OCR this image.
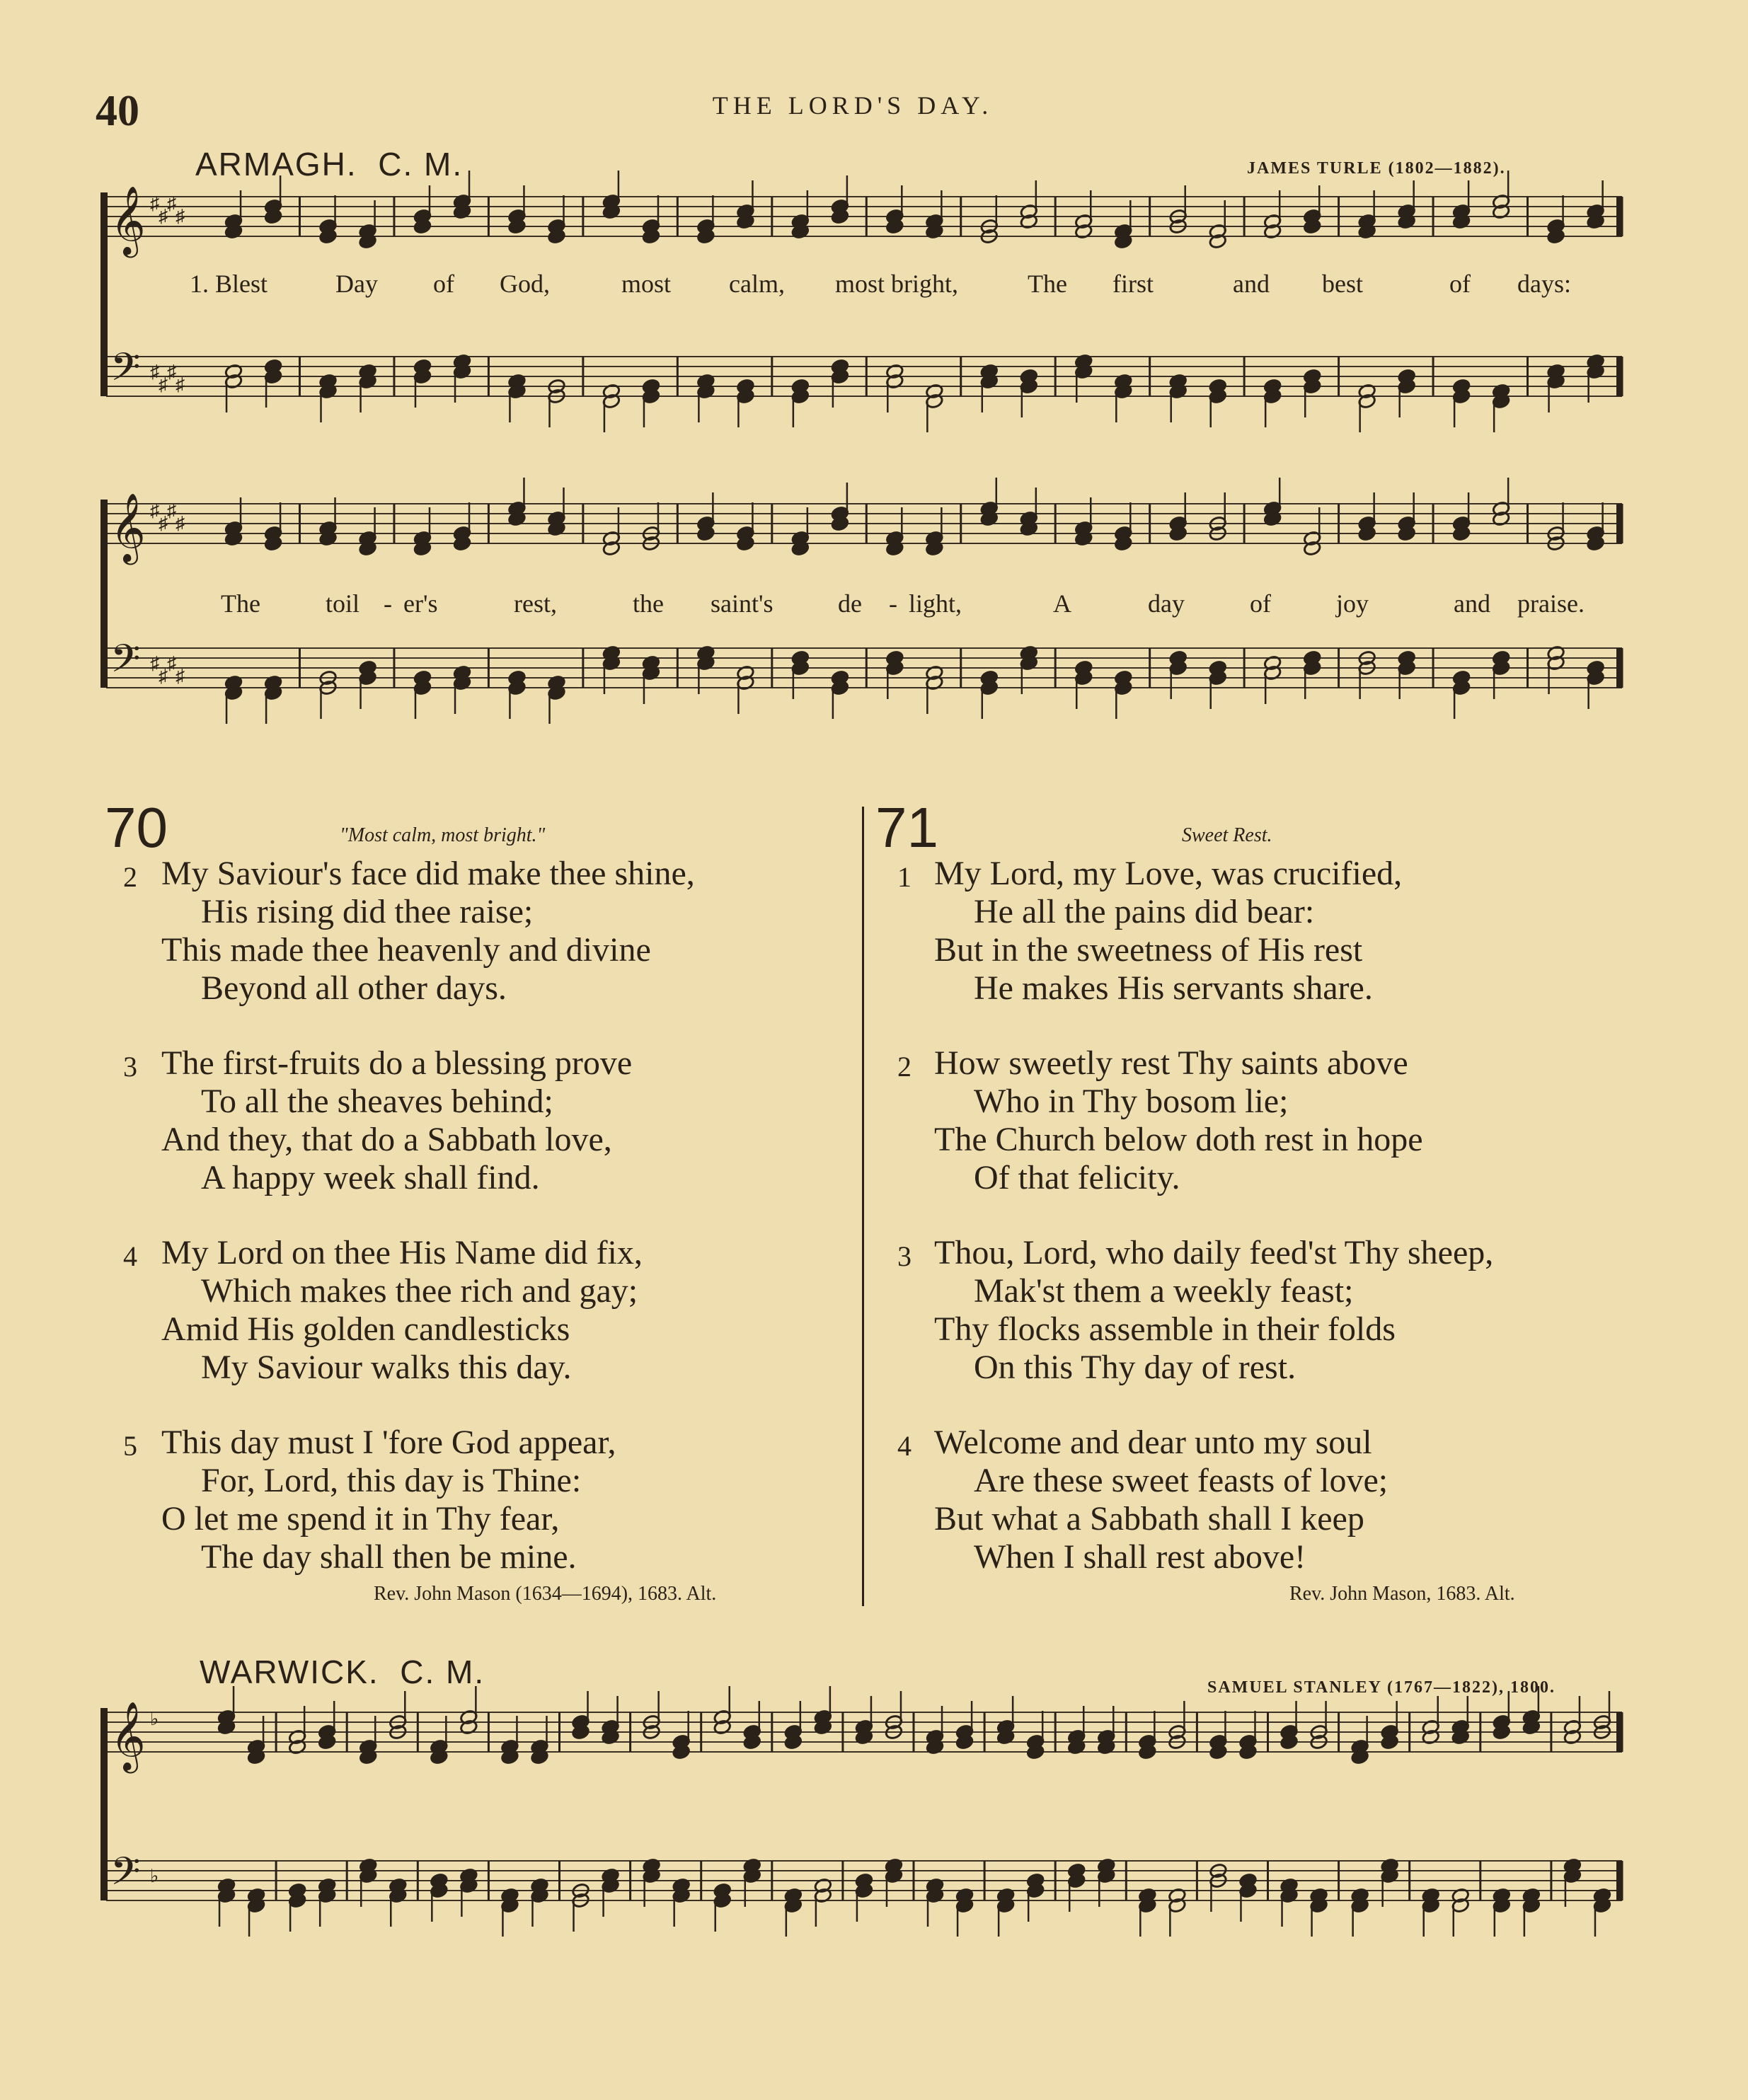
40	THE LORD'S DAY.
ARMAGH. C. M.	JAMES TURLE (1802—1882).
𝄞
𝄢
♯
♯
♯
♯
♯
♯
♯
♯
1. Blest	Day of God,	most calm, most bright,	The first	and best	of days:
𝄞
𝄢
♯
♯
♯
♯
♯
♯
♯
♯
The	toil - er's	rest,	the saint's	de - light,	A	day	of	joy	and praise.
70	"Most calm, most bright."
2 My Saviour's face did make thee shine,
His rising did thee raise;
This made thee heavenly and divine
Beyond all other days.
3 The first-fruits do a blessing prove
To all the sheaves behind;
And they, that do a Sabbath love,
A happy week shall find.
4 My Lord on thee His Name did fix,
Which makes thee rich and gay;
Amid His golden candlesticks
My Saviour walks this day.
5 This day must I 'fore God appear,
For, Lord, this day is Thine:
O let me spend it in Thy fear,
The day shall then be mine.
Rev. John Mason (1634—1694), 1683. Alt.
71	Sweet Rest.
1 My Lord, my Love, was crucified,
He all the pains did bear:
But in the sweetness of His rest
He makes His servants share.
2 How sweetly rest Thy saints above
Who in Thy bosom lie;
The Church below doth rest in hope
Of that felicity.
3 Thou, Lord, who daily feed'st Thy sheep,
Mak'st them a weekly feast;
Thy flocks assemble in their folds
On this Thy day of rest.
4 Welcome and dear unto my soul
Are these sweet feasts of love;
But what a Sabbath shall I keep
When I shall rest above!
Rev. John Mason, 1683. Alt.
WARWICK. C. M.	SAMUEL STANLEY (1767—1822), 1800.
𝄞
𝄢
♭
♭
